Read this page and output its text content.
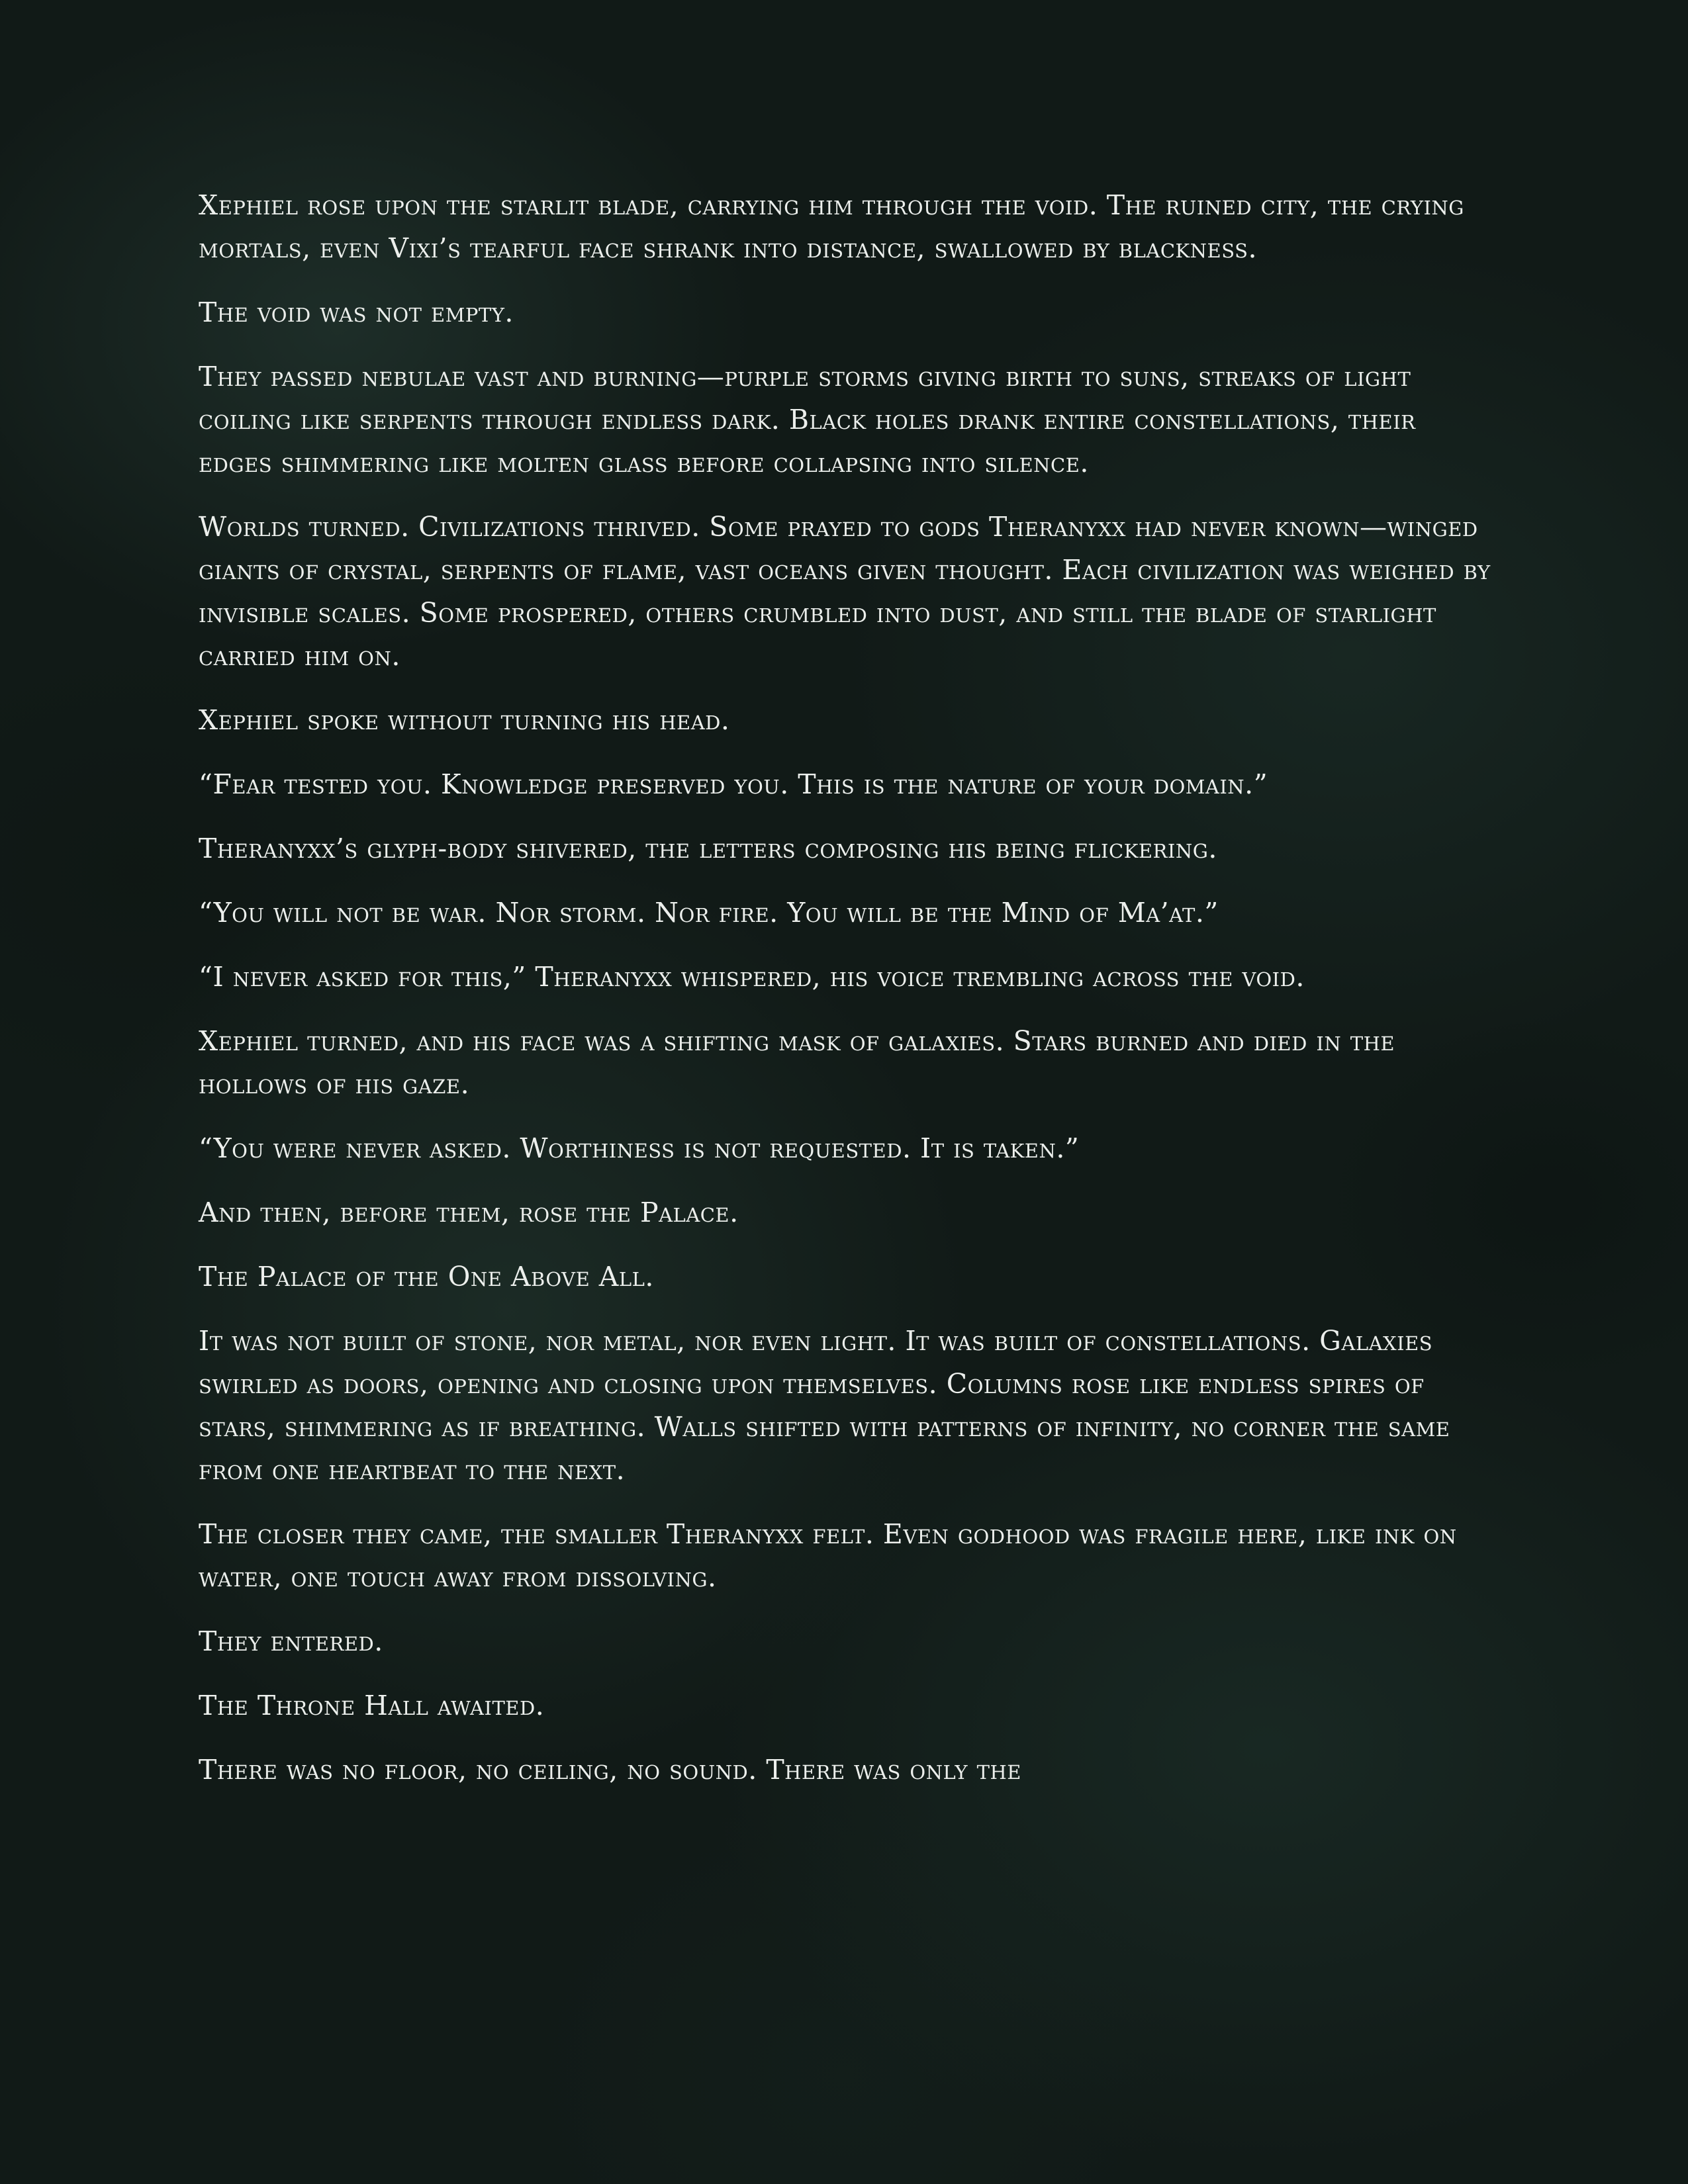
Xephiel rose upon the starlit blade, carrying him through the void. The ruined city, the crying mortals, even Vixi’s tearful face shrank into distance, swallowed by blackness.

The void was not empty.

They passed nebulae vast and burning—purple storms giving birth to suns, streaks of light coiling like serpents through endless dark. Black holes drank entire constellations, their edges shimmering like molten glass before collapsing into silence.

Worlds turned. Civilizations thrived. Some prayed to gods Theranyxx had never known—winged giants of crystal, serpents of flame, vast oceans given thought. Each civilization was weighed by invisible scales. Some prospered, others crumbled into dust, and still the blade of starlight carried him on.

Xephiel spoke without turning his head.

“Fear tested you. Knowledge preserved you. This is the nature of your domain.”

Theranyxx’s glyph-body shivered, the letters composing his being flickering.

“You will not be war. Nor storm. Nor fire. You will be the Mind of Ma’at.”

“I never asked for this,” Theranyxx whispered, his voice trembling across the void.

Xephiel turned, and his face was a shifting mask of galaxies. Stars burned and died in the hollows of his gaze.

“You were never asked. Worthiness is not requested. It is taken.”

And then, before them, rose the Palace.

The Palace of the One Above All.

It was not built of stone, nor metal, nor even light. It was built of constellations. Galaxies swirled as doors, opening and closing upon themselves. Columns rose like endless spires of stars, shimmering as if breathing. Walls shifted with patterns of infinity, no corner the same from one heartbeat to the next.

The closer they came, the smaller Theranyxx felt. Even godhood was fragile here, like ink on water, one touch away from dissolving.

They entered.

The Throne Hall awaited.

There was no floor, no ceiling, no sound. There was only the
